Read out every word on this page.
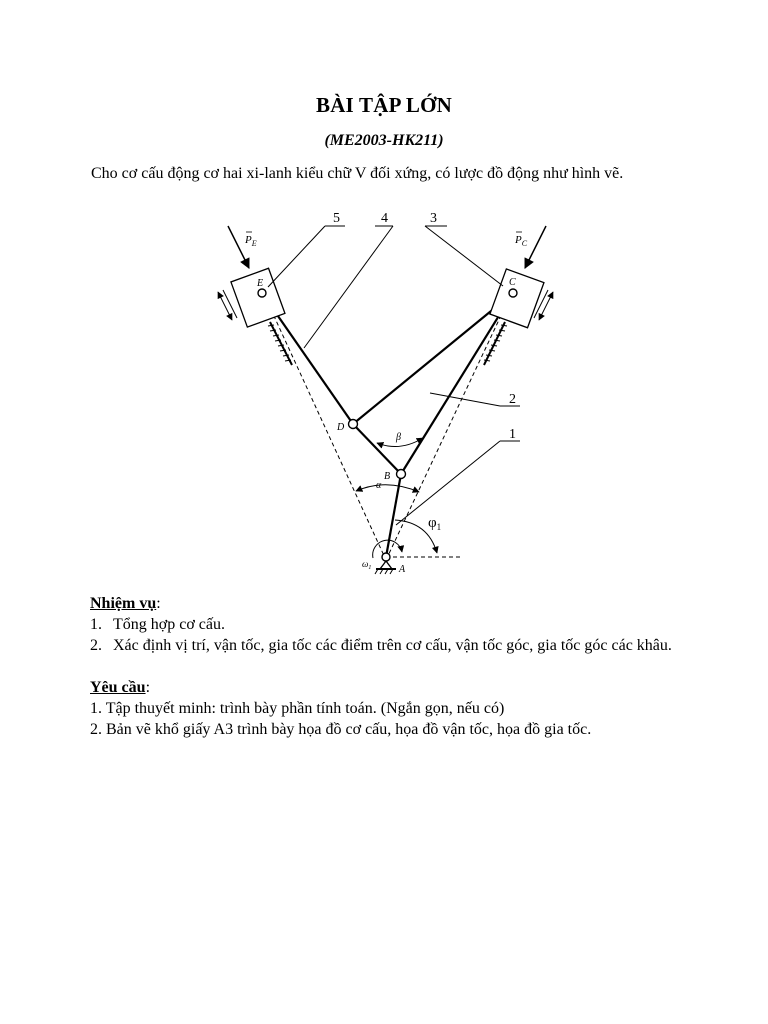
BÀI TẬP LỚN
(ME2003-HK211)
Cho cơ cấu động cơ hai xi-lanh kiểu chữ V đối xứng, có lược đồ động như hình vẽ.
5	4	3
2
1
$P_E$	$P_C$
E	C
D
B
A
α
β
$\varphi_1$
$\omega_1$
Nhiệm vụ:
1. Tổng hợp cơ cấu.
2. Xác định vị trí, vận tốc, gia tốc các điểm trên cơ cấu, vận tốc góc, gia tốc góc các khâu.
Yêu cầu:
1. Tập thuyết minh: trình bày phần tính toán. (Ngắn gọn, nếu có)
2. Bản vẽ khổ giấy A3 trình bày họa đồ cơ cấu, họa đồ vận tốc, họa đồ gia tốc.
